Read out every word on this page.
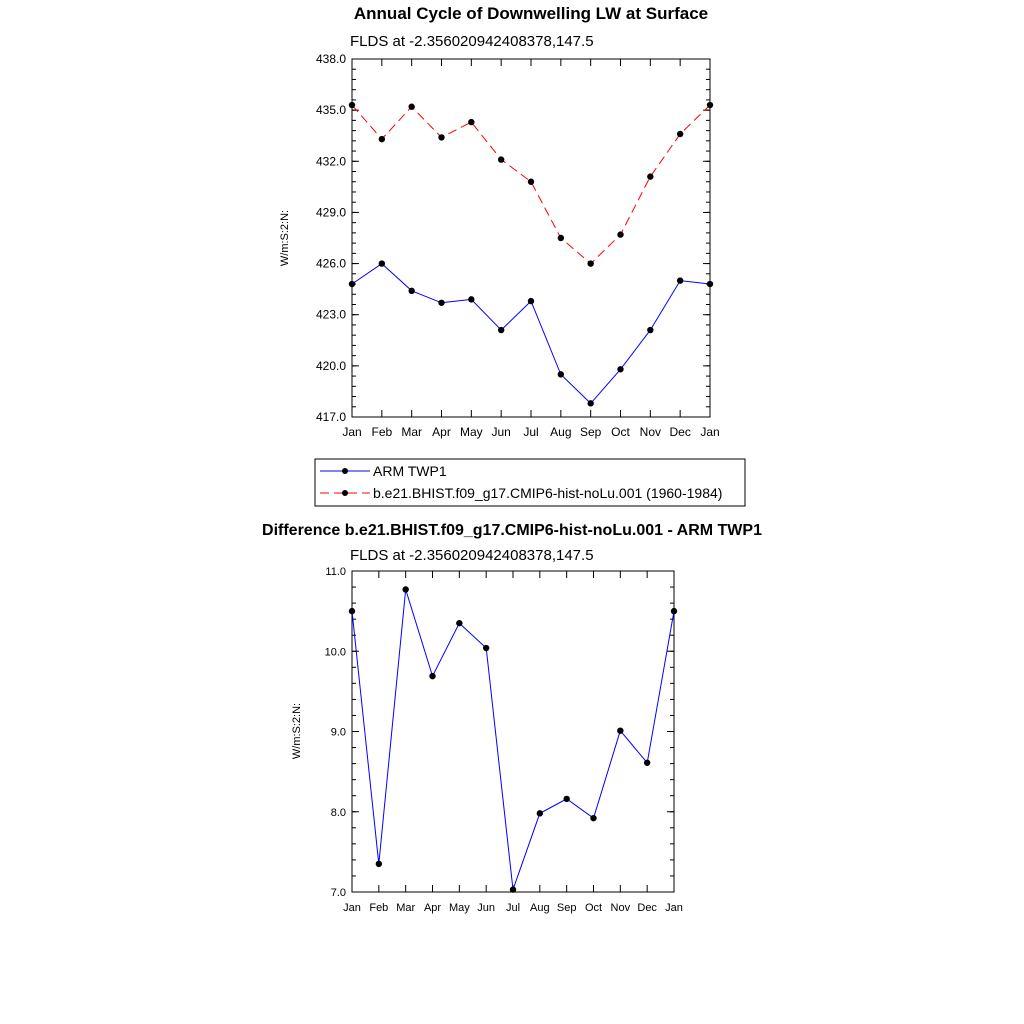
Annual Cycle of Downwelling LW at Surface
FLDS at -2.356020942408378,147.5
W/m:S:2:N:
417.0
420.0
423.0
426.0
429.0
432.0
435.0
438.0
Jan Feb Mar Apr May Jun Jul Aug Sep Oct Nov Dec Jan
ARM TWP1
b.e21.BHIST.f09_g17.CMIP6-hist-noLu.001 (1960-1984)
Difference b.e21.BHIST.f09_g17.CMIP6-hist-noLu.001 - ARM TWP1
FLDS at -2.356020942408378,147.5
W/m:S:2:N:
7.0
8.0
9.0
10.0
11.0
Jan Feb Mar Apr May Jun Jul Aug Sep Oct Nov Dec Jan
